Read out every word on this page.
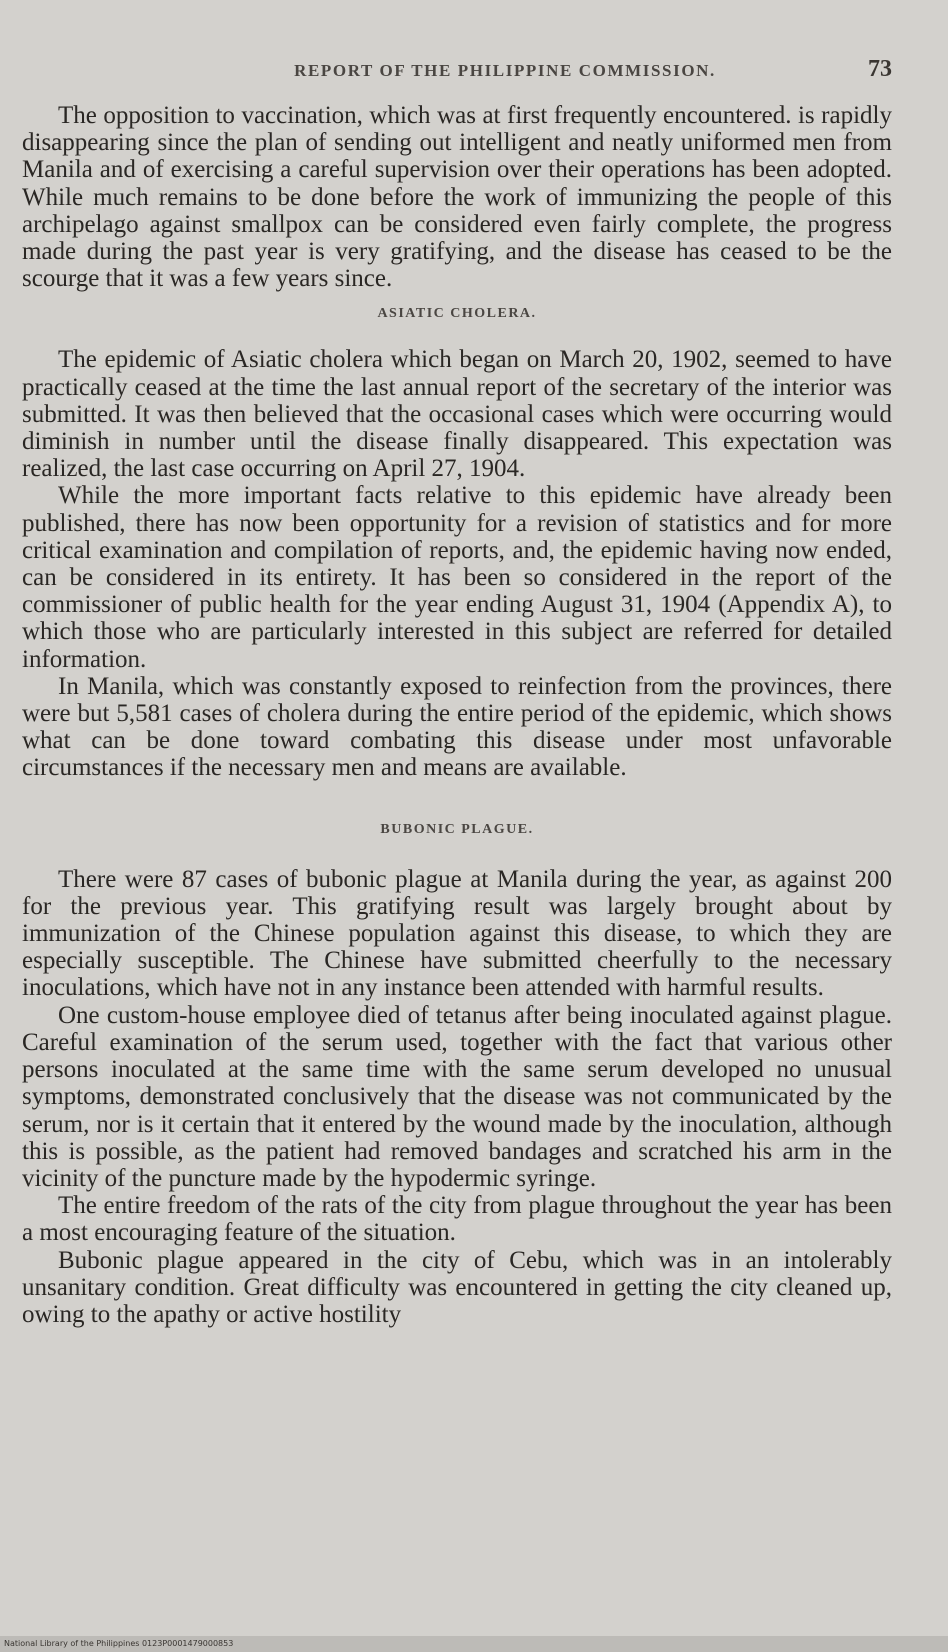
REPORT OF THE PHILIPPINE COMMISSION.	73

The opposition to vaccination, which was at first frequently encountered. is rapidly disappearing since the plan of sending out intelligent and neatly uniformed men from Manila and of exercising a careful supervision over their operations has been adopted. While much remains to be done before the work of immunizing the people of this archipelago against smallpox can be considered even fairly complete, the progress made during the past year is very gratifying, and the disease has ceased to be the scourge that it was a few years since.

ASIATIC CHOLERA.

The epidemic of Asiatic cholera which began on March 20, 1902, seemed to have practically ceased at the time the last annual report of the secretary of the interior was submitted. It was then believed that the occasional cases which were occurring would diminish in number until the disease finally disappeared. This expectation was realized, the last case occurring on April 27, 1904.

While the more important facts relative to this epidemic have already been published, there has now been opportunity for a revision of statistics and for more critical examination and compilation of reports, and, the epidemic having now ended, can be considered in its entirety. It has been so considered in the report of the commissioner of public health for the year ending August 31, 1904 (Appendix A), to which those who are particularly interested in this subject are referred for detailed information.

In Manila, which was constantly exposed to reinfection from the provinces, there were but 5,581 cases of cholera during the entire period of the epidemic, which shows what can be done toward combating this disease under most unfavorable circumstances if the necessary men and means are available.

BUBONIC PLAGUE.

There were 87 cases of bubonic plague at Manila during the year, as against 200 for the previous year. This gratifying result was largely brought about by immunization of the Chinese population against this disease, to which they are especially susceptible. The Chinese have submitted cheerfully to the necessary inoculations, which have not in any instance been attended with harmful results.

One custom-house employee died of tetanus after being inoculated against plague. Careful examination of the serum used, together with the fact that various other persons inoculated at the same time with the same serum developed no unusual symptoms, demonstrated conclusively that the disease was not communicated by the serum, nor is it certain that it entered by the wound made by the inoculation, although this is possible, as the patient had removed bandages and scratched his arm in the vicinity of the puncture made by the hypodermic syringe.

The entire freedom of the rats of the city from plague throughout the year has been a most encouraging feature of the situation.

Bubonic plague appeared in the city of Cebu, which was in an intolerably unsanitary condition. Great difficulty was encountered in getting the city cleaned up, owing to the apathy or active hostility

National Library of the Philippines 0123P0001479000853
